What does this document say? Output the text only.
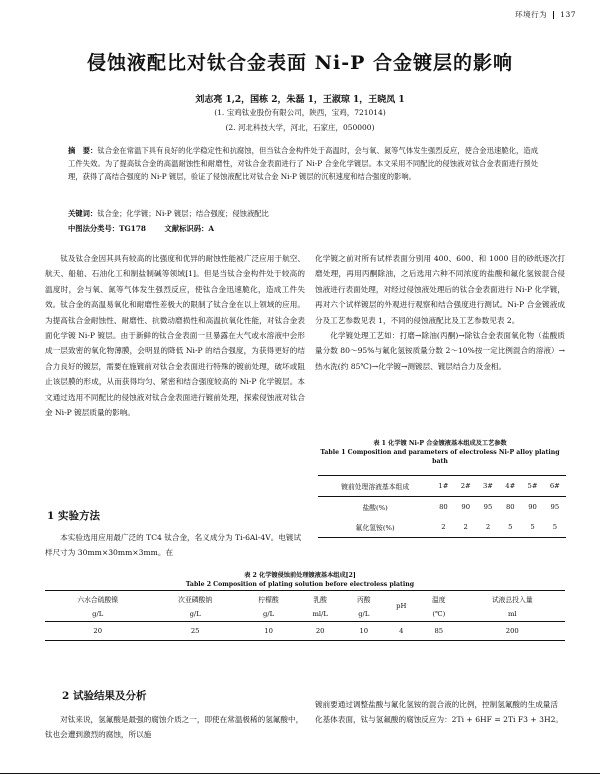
环境行为 137
侵蚀液配比对钛合金表面 Ni-P 合金镀层的影响
刘志亮 1,2，国栋 2，朱磊 1，王淑琼 1，王晓凤 1
(1. 宝鸡钛业股份有限公司，陕西，宝鸡，721014)
(2. 河北科技大学，河北，石家庄，050000)
摘　要：钛合金在常温下具有良好的化学稳定性和抗腐蚀，但当钛合金构件处于高温时，会与氧、氮等气体发生强烈反应，使合金迅速脆化，造成工件失效。为了提高钛合金的高温耐蚀性和耐磨性，对钛合金表面进行了 Ni-P 合金化学镀层。本文采用不同配比的侵蚀液对钛合金表面进行预处理，获得了高结合强度的 Ni-P 镀层，验证了侵蚀液配比对钛合金 Ni-P 镀层的沉积速度和结合强度的影响。
关键词：钛合金；化学镀；Ni-P 镀层；结合强度；侵蚀液配比
中图法分类号：TG178	文献标识码：A
钛及钛合金因其具有较高的比强度和优异的耐蚀性能被广泛应用于航空、航天、船舶、石油化工和制盐制碱等领域[1]。但是当钛合金构件处于较高的温度时，会与氧、氮等气体发生强烈反应，使钛合金迅速脆化，造成工件失效。钛合金的高温易氧化和耐磨性差极大的限制了钛合金在以上领域的应用。为提高钛合金耐蚀性、耐磨性、抗微动磨损性和高温抗氧化性能，对钛合金表面化学镀 Ni-P 镀层。由于新鲜的钛合金表面一旦暴露在大气或水溶液中会形成一层致密的氧化物薄膜，会明显的降低 Ni-P 的结合强度，为获得更好的结合力良好的镀层，需要在施镀前对钛合金表面进行特殊的镀前处理，破坏或阻止该层膜的形成，从而获得均匀、紧密和结合强度较高的 Ni-P 化学镀层。本文通过选用不同配比的侵蚀液对钛合金表面进行镀前处理，探索侵蚀液对钛合金 Ni-P 镀层质量的影响。
1 实验方法
本实验选用应用最广泛的 TC4 钛合金，名义成分为 Ti-6Al-4V。电镀试样尺寸为 30mm×30mm×3mm。在
化学镀之前对所有试样表面分别用 400、600、和 1000 目的砂纸逐次打磨处理，再用丙酮除油，之后选用六种不同浓度的盐酸和氟化氢铵混合侵蚀液进行表面处理，对经过侵蚀液处理后的钛合金表面进行 Ni-P 化学镀，再对六个试样镀层的外观进行观察和结合强度进行测试。Ni-P 合金镀液成分及工艺参数见表 1，不同的侵蚀液配比及工艺参数见表 2。
化学镀处理工艺如：打磨→除油(丙酮)→除钛合金表面氧化物（盐酸质量分数 80～95%与氟化氢铵质量分数 2～10%按一定比例混合的溶液）→热水洗(约 85℃)→化学镀→测镀层、镀层结合力及金相。
表 1 化学镀 Ni-P 合金镀液基本组成及工艺参数
Table 1 Composition and parameters of electroless Ni-P alloy plating bath
镀前处理溶液基本组成	1#	2#	3#	4#	5#	6#
盐酸(%)	80	90	95	80	90	95
氟化氢铵(%)	2	2	2	5	5	5
表 2 化学镀侵蚀前处理镀液基本组成[2]
Table 2 Composition of plating solution before electroless plating
六水合硫酸镍	次亚磷酸钠	柠檬酸	乳酸	丙酸	pH	温度	试液总投入量
g/L	g/L	g/L	ml/L	g/L		(℃)	ml
20	25	10	20	10	4	85	200
2 试验结果及分析
对钛来说，氢氟酸是最强的腐蚀介质之一，即使在常温极稀的氢氟酸中，钛也会遭到激烈的腐蚀，所以施
镀前要通过调整盐酸与氟化氢铵的混合液的比例，控制氢氟酸的生成量活化基体表面，钛与氢氟酸的腐蚀反应为：2Ti + 6HF = 2Ti F3 + 3H2。
